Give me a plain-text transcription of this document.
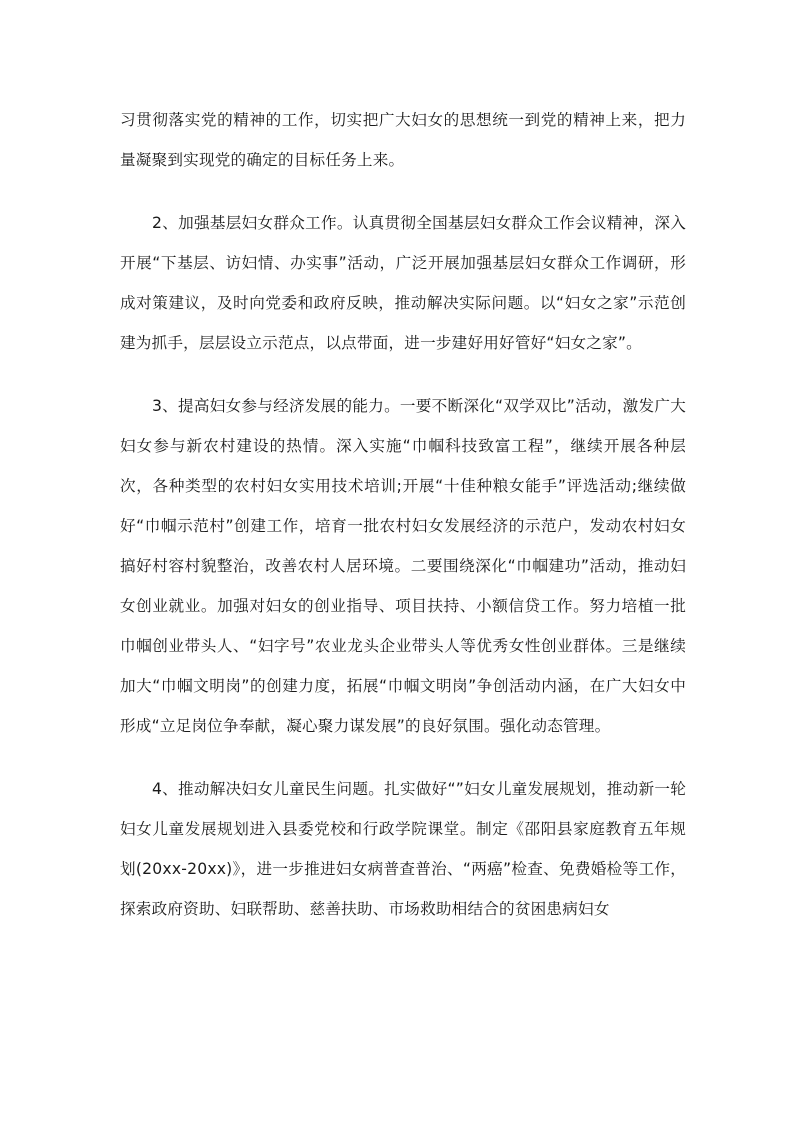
习贯彻落实党的精神的工作，切实把广大妇女的思想统一到党的精神上来，把力量凝聚到实现党的确定的目标任务上来。

2、加强基层妇女群众工作。认真贯彻全国基层妇女群众工作会议精神，深入开展“下基层、访妇情、办实事”活动，广泛开展加强基层妇女群众工作调研，形成对策建议，及时向党委和政府反映，推动解决实际问题。以“妇女之家”示范创建为抓手，层层设立示范点，以点带面，进一步建好用好管好“妇女之家”。

3、提高妇女参与经济发展的能力。一要不断深化“双学双比”活动，激发广大妇女参与新农村建设的热情。深入实施“巾帼科技致富工程”，继续开展各种层次，各种类型的农村妇女实用技术培训;开展“十佳种粮女能手”评选活动;继续做好“巾帼示范村”创建工作，培育一批农村妇女发展经济的示范户，发动农村妇女搞好村容村貌整治，改善农村人居环境。二要围绕深化“巾帼建功”活动，推动妇女创业就业。加强对妇女的创业指导、项目扶持、小额信贷工作。努力培植一批巾帼创业带头人、“妇字号”农业龙头企业带头人等优秀女性创业群体。三是继续加大“巾帼文明岗”的创建力度，拓展“巾帼文明岗”争创活动内涵，在广大妇女中形成“立足岗位争奉献，凝心聚力谋发展”的良好氛围。强化动态管理。

4、推动解决妇女儿童民生问题。扎实做好“”妇女儿童发展规划，推动新一轮妇女儿童发展规划进入县委党校和行政学院课堂。制定《邵阳县家庭教育五年规划(20xx-20xx)》，进一步推进妇女病普查普治、“两癌”检查、免费婚检等工作，探索政府资助、妇联帮助、慈善扶助、市场救助相结合的贫困患病妇女
